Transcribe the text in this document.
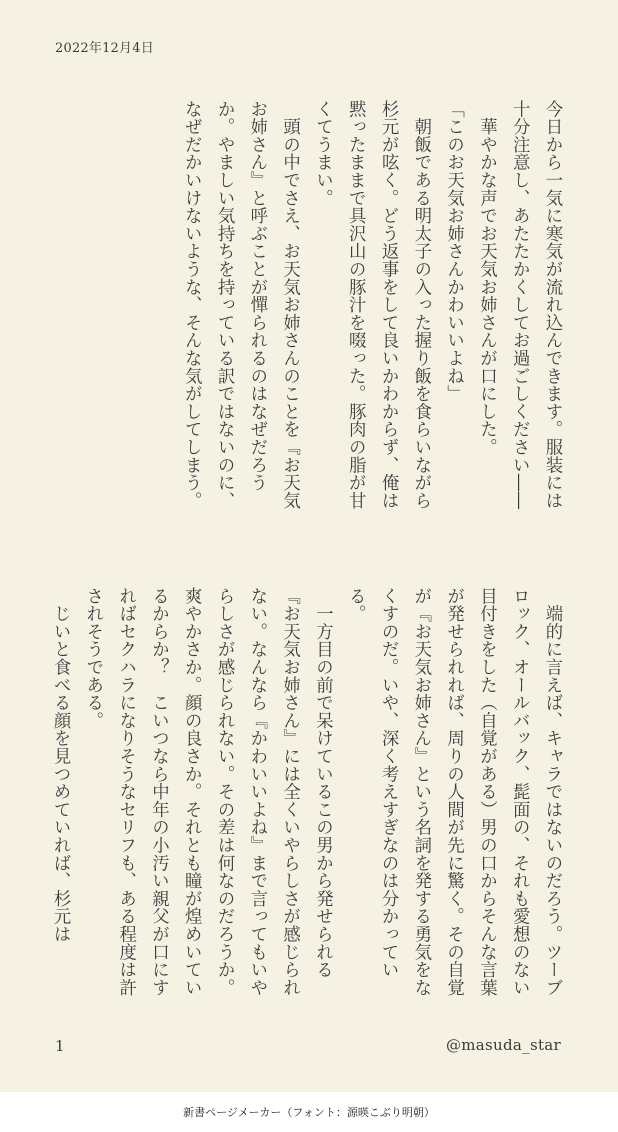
2022年12月4日

今日から一気に寒気が流れ込んできます。服装には十分注意し、あたたかくしてお過ごしください――

　華やかな声でお天気お姉さんが口にした。

「このお天気お姉さんかわいいよね」

　朝飯である明太子の入った握り飯を食らいながら杉元が呟く。どう返事をして良いかわからず、俺は黙ったままで具沢山の豚汁を啜った。豚肉の脂が甘くてうまい。

　頭の中でさえ、お天気お姉さんのことを『お天気お姉さん』と呼ぶことが憚られるのはなぜだろうか。やましい気持ちを持っている訳ではないのに、なぜだかいけないような、そんな気がしてしまう。

　端的に言えば、キャラではないのだろう。ツーブロック、オールバック、髭面の、それも愛想のない目付きをした（自覚がある）男の口からそんな言葉が発せられれば、周りの人間が先に驚く。その自覚が『お天気お姉さん』という名詞を発する勇気をなくすのだ。いや、深く考えすぎなのは分かっている。

　一方目の前で呆けているこの男から発せられる『お天気お姉さん』には全くいやらしさが感じられない。なんなら『かわいいよね』まで言ってもいやらしさが感じられない。その差は何なのだろうか。爽やかさか。顔の良さか。それとも瞳が煌めいているからか？　こいつなら中年の小汚い親父が口にすればセクハラになりそうなセリフも、ある程度は許されそうである。

　じいと食べる顔を見つめていれば、杉元は

1	@masuda_star
新書ページメーカー（フォント：源暎こぶり明朝）
